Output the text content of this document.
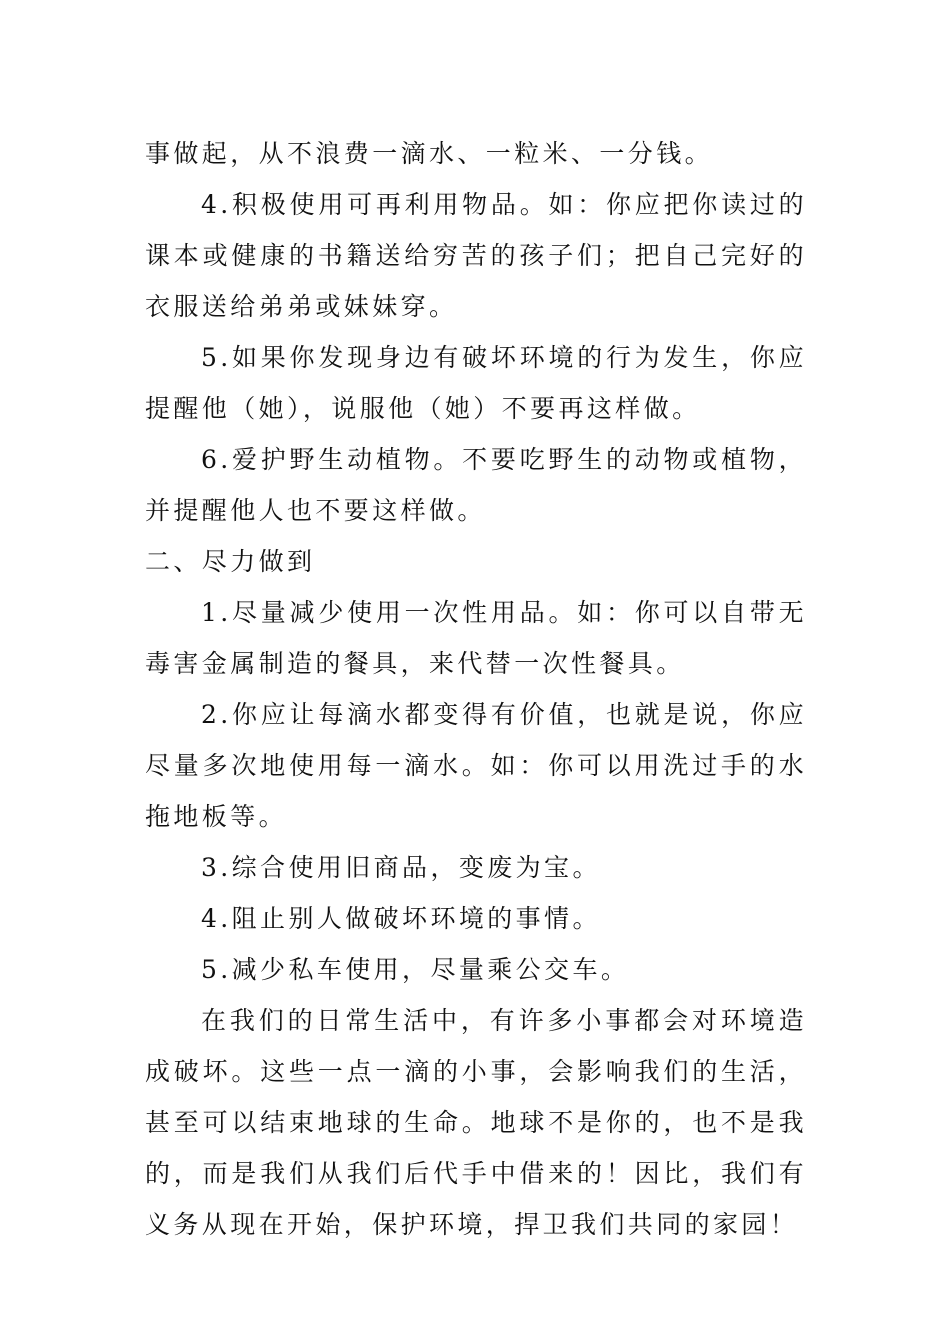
事做起，从不浪费一滴水、一粒米、一分钱。

4.积极使用可再利用物品。如：你应把你读过的课本或健康的书籍送给穷苦的孩子们；把自己完好的衣服送给弟弟或妹妹穿。

5.如果你发现身边有破坏环境的行为发生，你应提醒他（她），说服他（她）不要再这样做。

6.爱护野生动植物。不要吃野生的动物或植物，并提醒他人也不要这样做。

二、尽力做到

1.尽量减少使用一次性用品。如：你可以自带无毒害金属制造的餐具，来代替一次性餐具。

2.你应让每滴水都变得有价值，也就是说，你应尽量多次地使用每一滴水。如：你可以用洗过手的水拖地板等。

3.综合使用旧商品，变废为宝。

4.阻止别人做破坏环境的事情。

5.减少私车使用，尽量乘公交车。

在我们的日常生活中，有许多小事都会对环境造成破坏。这些一点一滴的小事，会影响我们的生活，甚至可以结束地球的生命。地球不是你的，也不是我的，而是我们从我们后代手中借来的！因比，我们有义务从现在开始，保护环境，捍卫我们共同的家园！
